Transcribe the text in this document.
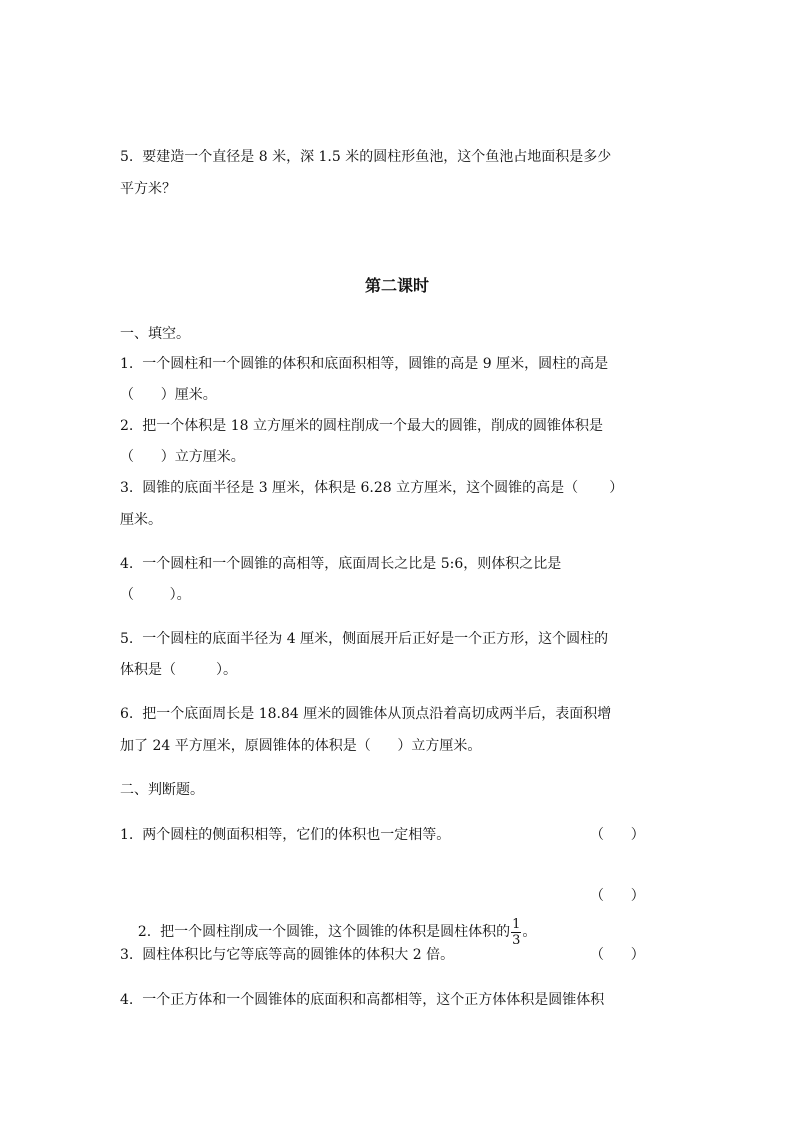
5.  要建造一个直径是 8 米，深 1.5 米的圆柱形鱼池，这个鱼池占地面积是多少
平方米？
第二课时
一、填空。
1.  一个圆柱和一个圆锥的体积和底面积相等，圆锥的高是 9 厘米，圆柱的高是
（      ）厘米。
2.  把一个体积是 18 立方厘米的圆柱削成一个最大的圆锥，削成的圆锥体积是
（      ）立方厘米。
3.  圆锥的底面半径是 3 厘米，体积是 6.28 立方厘米，这个圆锥的高是（       ）
厘米。
4.  一个圆柱和一个圆锥的高相等，底面周长之比是 5:6，则体积之比是
（        ）。
5.  一个圆柱的底面半径为 4 厘米，侧面展开后正好是一个正方形，这个圆柱的
体积是（         ）。
6.  把一个底面周长是 18.84 厘米的圆锥体从顶点沿着高切成两半后，表面积增
加了 24 平方厘米，原圆锥体的体积是（      ）立方厘米。
二、判断题。
1.  两个圆柱的侧面积相等，它们的体积也一定相等。	（      ）

2.  把一个圆柱削成一个圆锥，这个圆锥的体积是圆柱体积的 $\frac{1}{3}$ 。

（      ）
3.  圆柱体积比与它等底等高的圆锥体的体积大 2 倍。	（      ）
4.  一个正方体和一个圆锥体的底面积和高都相等，这个正方体体积是圆锥体积
